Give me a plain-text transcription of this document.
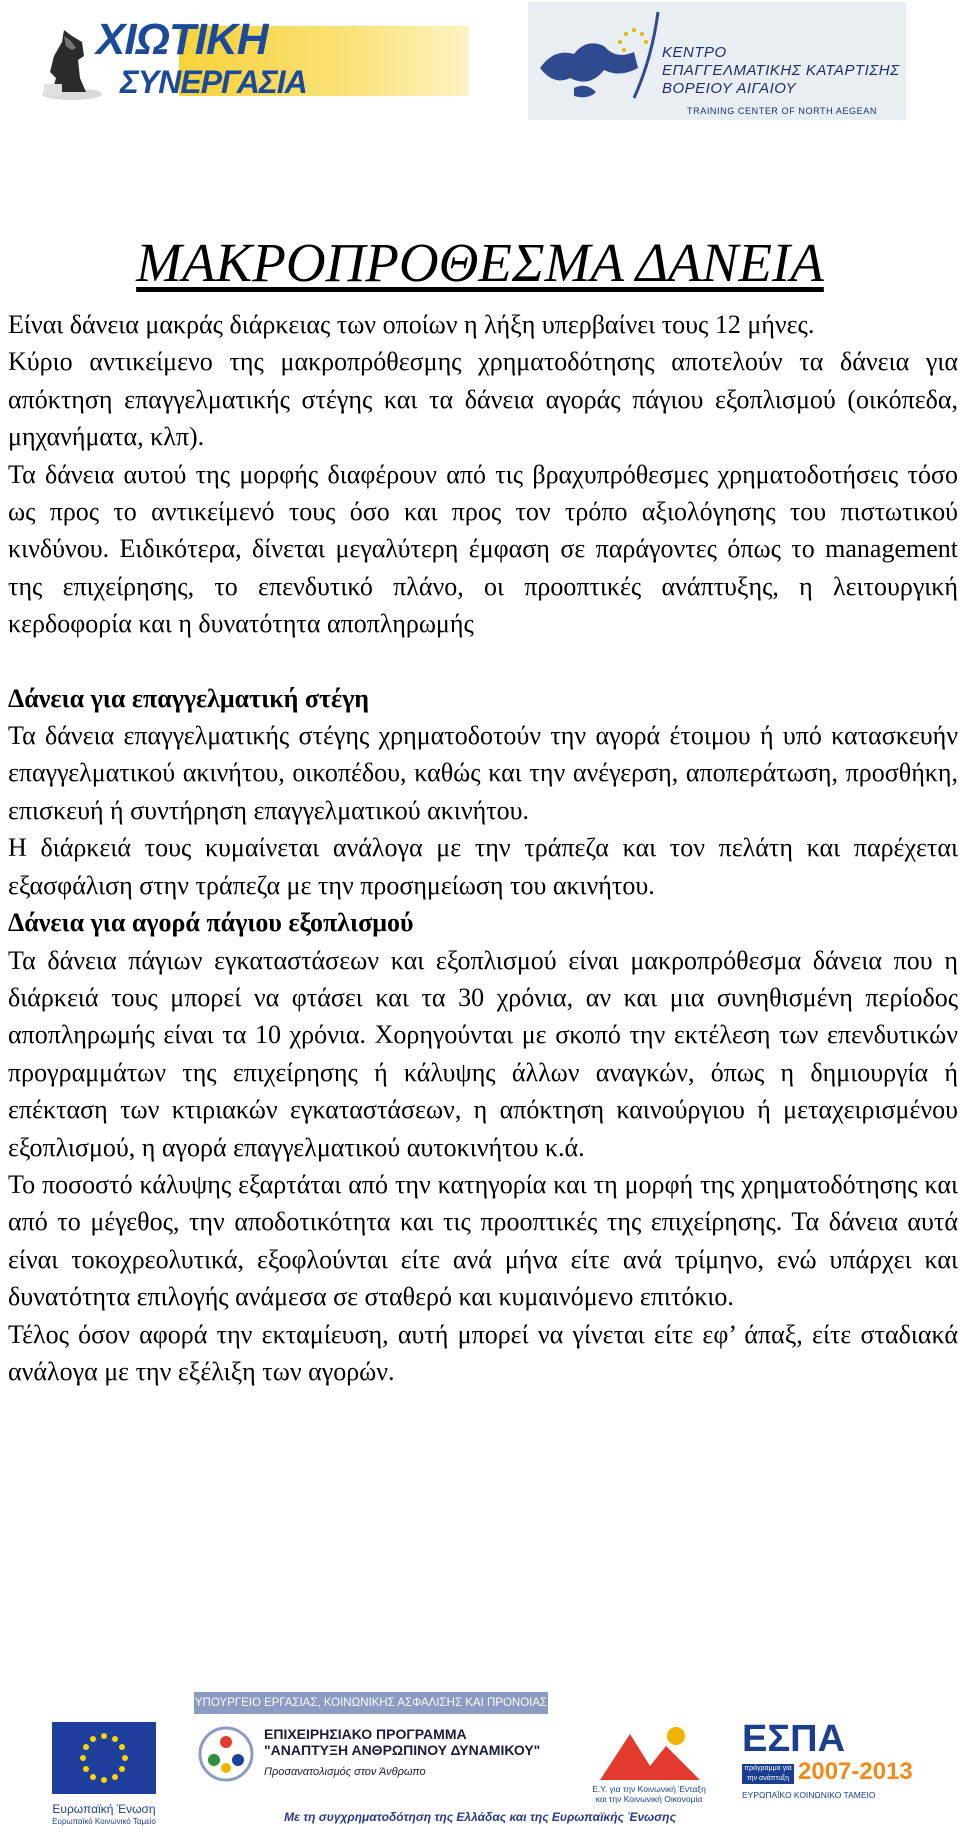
ΧΙΩΤΙΚΗ
ΣΥΝΕΡΓΑΣΙΑ
ΚΕΝΤΡΟ
ΕΠΑΓΓΕΛΜΑΤΙΚΗΣ ΚΑΤΑΡΤΙΣΗΣ
ΒΟΡΕΙΟΥ ΑΙΓΑΙΟΥ
TRAINING CENTER OF NORTH AEGEAN
ΜΑΚΡΟΠΡΟΘΕΣΜΑ ΔΑΝΕΙΑ

Είναι δάνεια μακράς διάρκειας των οποίων η λήξη υπερβαίνει τους 12 μήνες.

Κύριο αντικείμενο της μακροπρόθεσμης χρηματοδότησης αποτελούν τα δάνεια για απόκτηση επαγγελματικής στέγης και τα δάνεια αγοράς πάγιου εξοπλισμού (οικόπεδα, μηχανήματα, κλπ).

Τα δάνεια αυτού της μορφής διαφέρουν από τις βραχυπρόθεσμες χρηματοδοτήσεις τόσο ως προς το αντικείμενό τους όσο και προς τον τρόπο αξιολόγησης του πιστωτικού κινδύνου. Ειδικότερα, δίνεται μεγαλύτερη έμφαση σε παράγοντες όπως το management της επιχείρησης, το επενδυτικό πλάνο, οι προοπτικές ανάπτυξης, η λειτουργική κερδοφορία και η δυνατότητα αποπληρωμής

Δάνεια για επαγγελματική στέγη

Τα δάνεια επαγγελματικής στέγης χρηματοδοτούν την αγορά έτοιμου ή υπό κατασκευήν επαγγελματικού ακινήτου, οικοπέδου, καθώς και την ανέγερση, αποπεράτωση, προσθήκη, επισκευή ή συντήρηση επαγγελματικού ακινήτου.

Η διάρκειά τους κυμαίνεται ανάλογα με την τράπεζα και τον πελάτη και παρέχεται εξασφάλιση στην τράπεζα με την προσημείωση του ακινήτου.

Δάνεια για αγορά πάγιου εξοπλισμού

Τα δάνεια πάγιων εγκαταστάσεων και εξοπλισμού είναι μακροπρόθεσμα δάνεια που η διάρκειά τους μπορεί να φτάσει και τα 30 χρόνια, αν και μια συνηθισμένη περίοδος αποπληρωμής είναι τα 10 χρόνια. Χορηγούνται με σκοπό την εκτέλεση των επενδυτικών προγραμμάτων της επιχείρησης ή κάλυψης άλλων αναγκών, όπως η δημιουργία ή επέκταση των κτιριακών εγκαταστάσεων, η απόκτηση καινούργιου ή μεταχειρισμένου εξοπλισμού, η αγορά επαγγελματικού αυτοκινήτου κ.ά.

Το ποσοστό κάλυψης εξαρτάται από την κατηγορία και τη μορφή της χρηματοδότησης και από το μέγεθος, την αποδοτικότητα και τις προοπτικές της επιχείρησης. Τα δάνεια αυτά είναι τοκοχρεολυτικά, εξοφλούνται είτε ανά μήνα είτε ανά τρίμηνο, ενώ υπάρχει και δυνατότητα επιλογής ανάμεσα σε σταθερό και κυμαινόμενο επιτόκιο.

Τέλος όσον αφορά την εκταμίευση, αυτή μπορεί να γίνεται είτε εφ’ άπαξ, είτε σταδιακά ανάλογα με την εξέλιξη των αγορών.

Ευρωπαϊκή Ένωση
Ευρωπαϊκό Κοινωνικό Ταμείο
ΥΠΟΥΡΓΕΙΟ ΕΡΓΑΣΙΑΣ, ΚΟΙΝΩΝΙΚΗΣ ΑΣΦΑΛΙΣΗΣ ΚΑΙ ΠΡΟΝΟΙΑΣ
ΕΠΙΧΕΙΡΗΣΙΑΚΟ ΠΡΟΓΡΑΜΜΑ
"ΑΝΑΠΤΥΞΗ ΑΝΘΡΩΠΙΝΟΥ ΔΥΝΑΜΙΚΟΥ"
Προσανατολισμός στον Άνθρωπο
Ε.Υ. για την Κοινωνική Ένταξη
και την Κοινωνική Οικονομία
ΕΣΠΑ
πρόγραμμα για την ανάπτυξη 2007-2013
ΕΥΡΩΠΑΪΚΟ ΚΟΙΝΩΝΙΚΟ ΤΑΜΕΙΟ
Με τη συγχρηματοδότηση της Ελλάδας και της Ευρωπαϊκής Ένωσης
